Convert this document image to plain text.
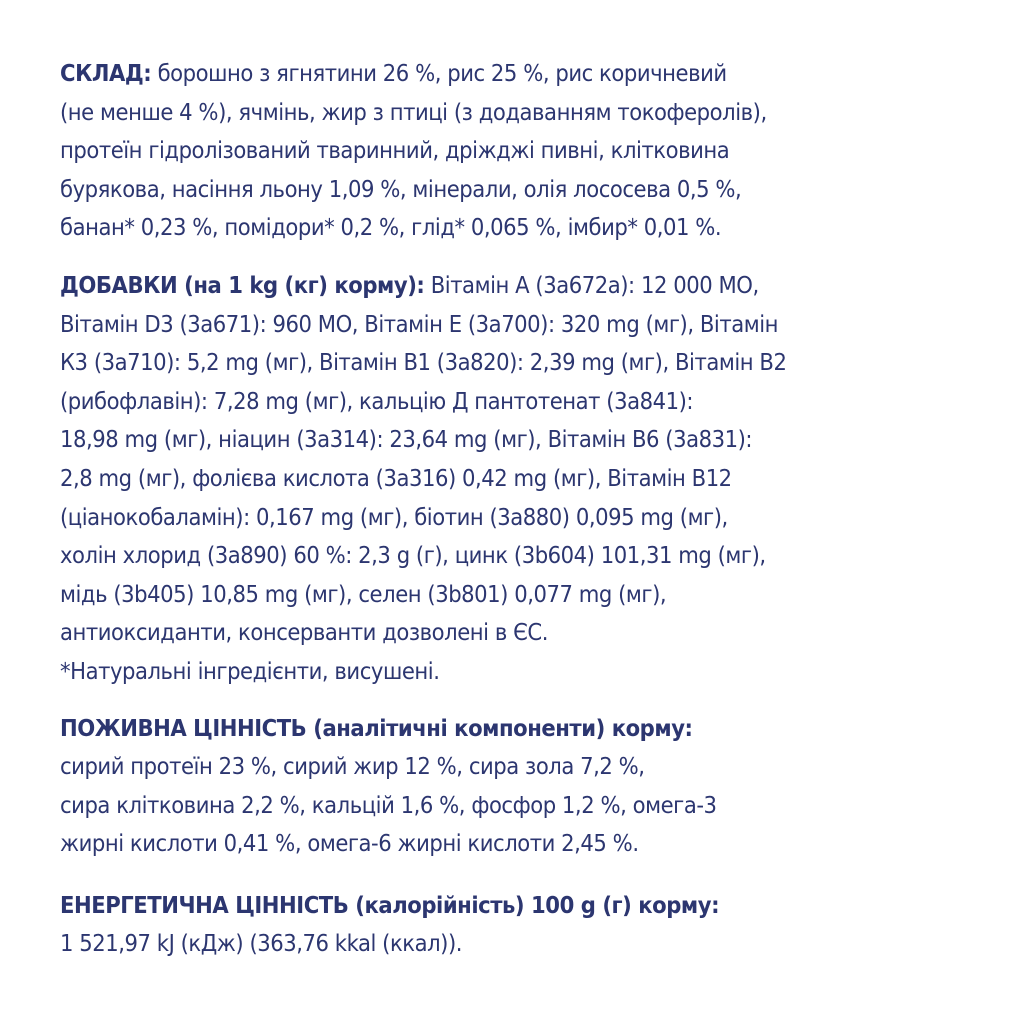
СКЛАД: борошно з ягнятини 26 %, рис 25 %, рис коричневий
(не менше 4 %), ячмінь, жир з птиці (з додаванням токоферолів),
протеїн гідролізований тваринний, дріжджі пивні, клітковина
бурякова, насіння льону 1,09 %, мінерали, олія лососева 0,5 %,
банан* 0,23 %, помідори* 0,2 %, глід* 0,065 %, імбир* 0,01 %.
ДОБАВКИ (на 1 kg (кг) корму): Вітамін А (3а672а): 12 000 МО,
Вітамін D3 (3а671): 960 МО, Вітамін Е (3а700): 320 mg (мг), Вітамін
К3 (3а710): 5,2 mg (мг), Вітамін В1 (3а820): 2,39 mg (мг), Вітамін В2
(рибофлавін): 7,28 mg (мг), кальцію Д пантотенат (3а841):
18,98 mg (мг), ніацин (3а314): 23,64 mg (мг), Вітамін В6 (3а831):
2,8 mg (мг), фолієва кислота (3а316) 0,42 mg (мг), Вітамін В12
(ціанокобаламін): 0,167 mg (мг), біотин (3а880) 0,095 mg (мг),
холін хлорид (3а890) 60 %: 2,3 g (г), цинк (3b604) 101,31 mg (мг),
мідь (3b405) 10,85 mg (мг), селен (3b801) 0,077 mg (мг),
антиоксиданти, консерванти дозволені в ЄС.
*Натуральні інгредієнти, висушені.
ПОЖИВНА ЦІННІСТЬ (аналітичні компоненти) корму:
сирий протеїн 23 %, сирий жир 12 %, сира зола 7,2 %,
сира клітковина 2,2 %, кальцій 1,6 %, фосфор 1,2 %, омега-3
жирні кислоти 0,41 %, омега-6 жирні кислоти 2,45 %.
ЕНЕРГЕТИЧНА ЦІННІСТЬ (калорійність) 100 g (г) корму:
1 521,97 kJ (кДж) (363,76 kkal (ккал)).
